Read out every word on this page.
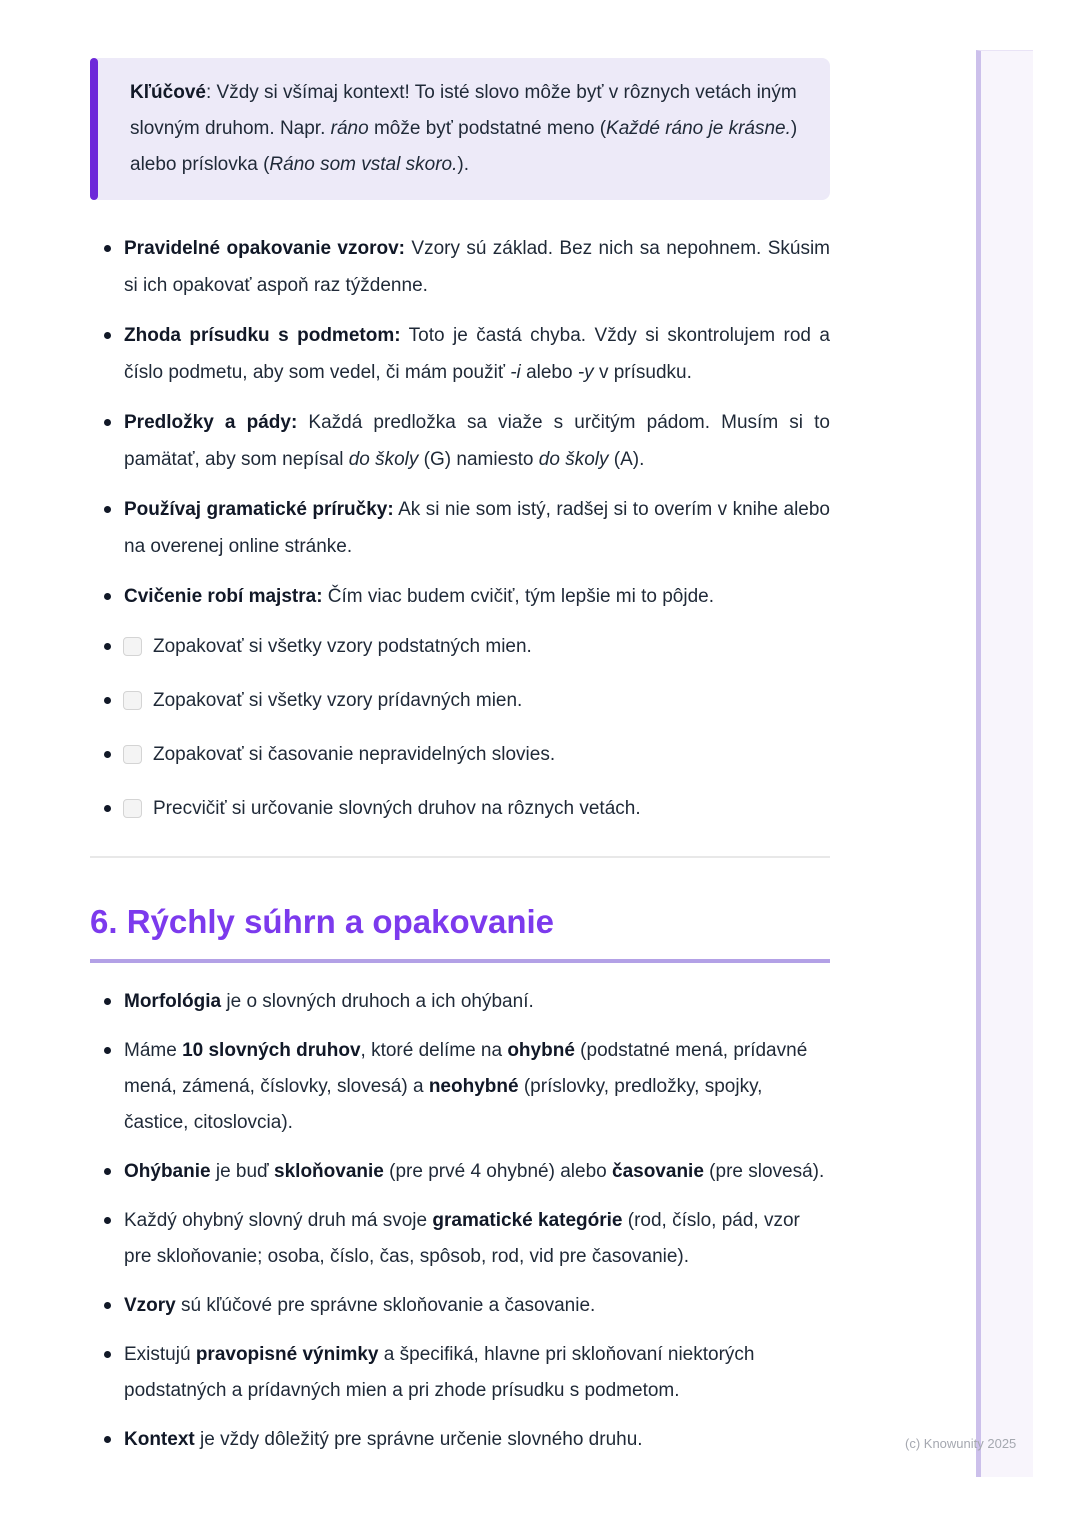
Kľúčové: Vždy si všímaj kontext! To isté slovo môže byť v rôznych vetách iným slovným druhom. Napr. ráno môže byť podstatné meno (Každé ráno je krásne.) alebo príslovka (Ráno som vstal skoro.).

Pravidelné opakovanie vzorov: Vzory sú základ. Bez nich sa nepohnem. Skúsim si ich opakovať aspoň raz týždenne.

Zhoda prísudku s podmetom: Toto je častá chyba. Vždy si skontrolujem rod a číslo podmetu, aby som vedel, či mám použiť -i alebo -y v prísudku.

Predložky a pády: Každá predložka sa viaže s určitým pádom. Musím si to pamätať, aby som nepísal do školy (G) namiesto do školy (A).

Používaj gramatické príručky: Ak si nie som istý, radšej si to overím v knihe alebo na overenej online stránke.

Cvičenie robí majstra: Čím viac budem cvičiť, tým lepšie mi to pôjde.

Zopakovať si všetky vzory podstatných mien.
Zopakovať si všetky vzory prídavných mien.
Zopakovať si časovanie nepravidelných slovies.
Precvičiť si určovanie slovných druhov na rôznych vetách.
6. Rýchly súhrn a opakovanie

Morfológia je o slovných druhoch a ich ohýbaní.

Máme 10 slovných druhov, ktoré delíme na ohybné (podstatné mená, prídavné mená, zámená, číslovky, slovesá) a neohybné (príslovky, predložky, spojky, častice, citoslovcia).

Ohýbanie je buď skloňovanie (pre prvé 4 ohybné) alebo časovanie (pre slovesá).

Každý ohybný slovný druh má svoje gramatické kategórie (rod, číslo, pád, vzor pre skloňovanie; osoba, číslo, čas, spôsob, rod, vid pre časovanie).

Vzory sú kľúčové pre správne skloňovanie a časovanie.

Existujú pravopisné výnimky a špecifiká, hlavne pri skloňovaní niektorých podstatných a prídavných mien a pri zhode prísudku s podmetom.

Kontext je vždy dôležitý pre správne určenie slovného druhu.	(c) Knowunity 2025
